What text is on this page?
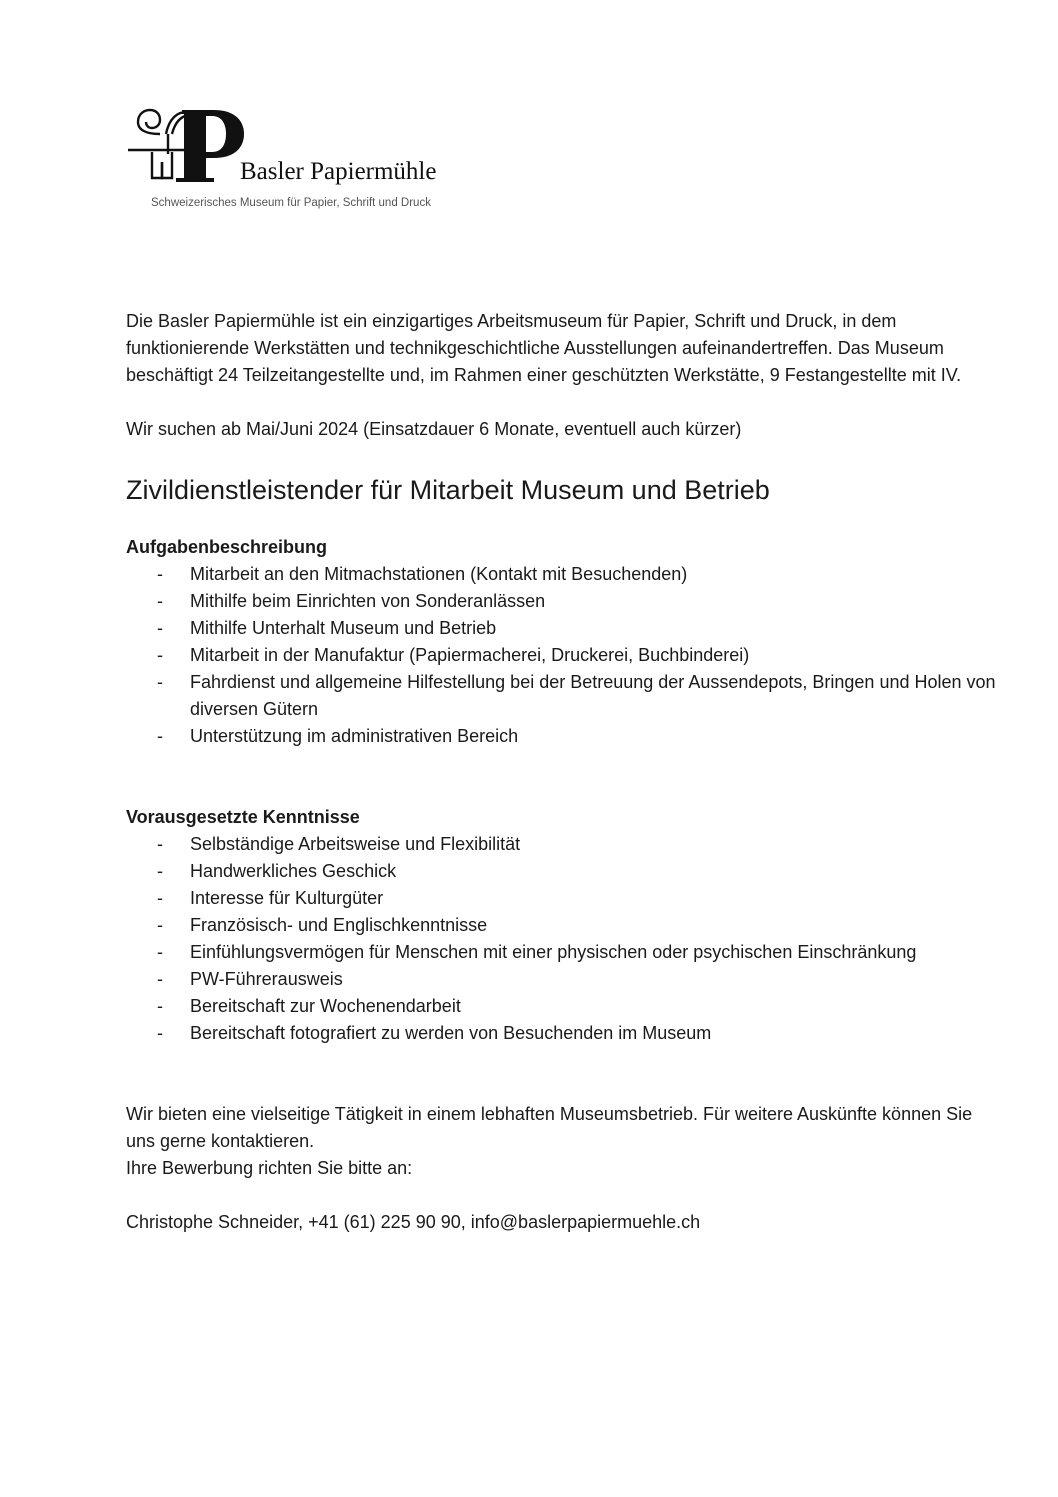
Basler Papiermühle
Schweizerisches Museum für Papier, Schrift und Druck

Die Basler Papiermühle ist ein einzigartiges Arbeitsmuseum für Papier, Schrift und Druck, in dem funktionierende Werkstätten und technikgeschichtliche Ausstellungen aufeinandertreffen. Das Museum beschäftigt 24 Teilzeitangestellte und, im Rahmen einer geschützten Werkstätte, 9 Festangestellte mit IV.

Wir suchen ab Mai/Juni 2024 (Einsatzdauer 6 Monate, eventuell auch kürzer)

Zivildienstleistender für Mitarbeit Museum und Betrieb
Aufgabenbeschreibung
- Mitarbeit an den Mitmachstationen (Kontakt mit Besuchenden)
- Mithilfe beim Einrichten von Sonderanlässen
- Mithilfe Unterhalt Museum und Betrieb
- Mitarbeit in der Manufaktur (Papiermacherei, Druckerei, Buchbinderei)
- Fahrdienst und allgemeine Hilfestellung bei der Betreuung der Aussendepots, Bringen und Holen von diversen Gütern
- Unterstützung im administrativen Bereich
Vorausgesetzte Kenntnisse
- Selbständige Arbeitsweise und Flexibilität
- Handwerkliches Geschick
- Interesse für Kulturgüter
- Französisch- und Englischkenntnisse
- Einfühlungsvermögen für Menschen mit einer physischen oder psychischen Einschränkung
- PW-Führerausweis
- Bereitschaft zur Wochenendarbeit
- Bereitschaft fotografiert zu werden von Besuchenden im Museum

Wir bieten eine vielseitige Tätigkeit in einem lebhaften Museumsbetrieb. Für weitere Auskünfte können Sie uns gerne kontaktieren.

Ihre Bewerbung richten Sie bitte an:

Christophe Schneider, +41 (61) 225 90 90, info@baslerpapiermuehle.ch
